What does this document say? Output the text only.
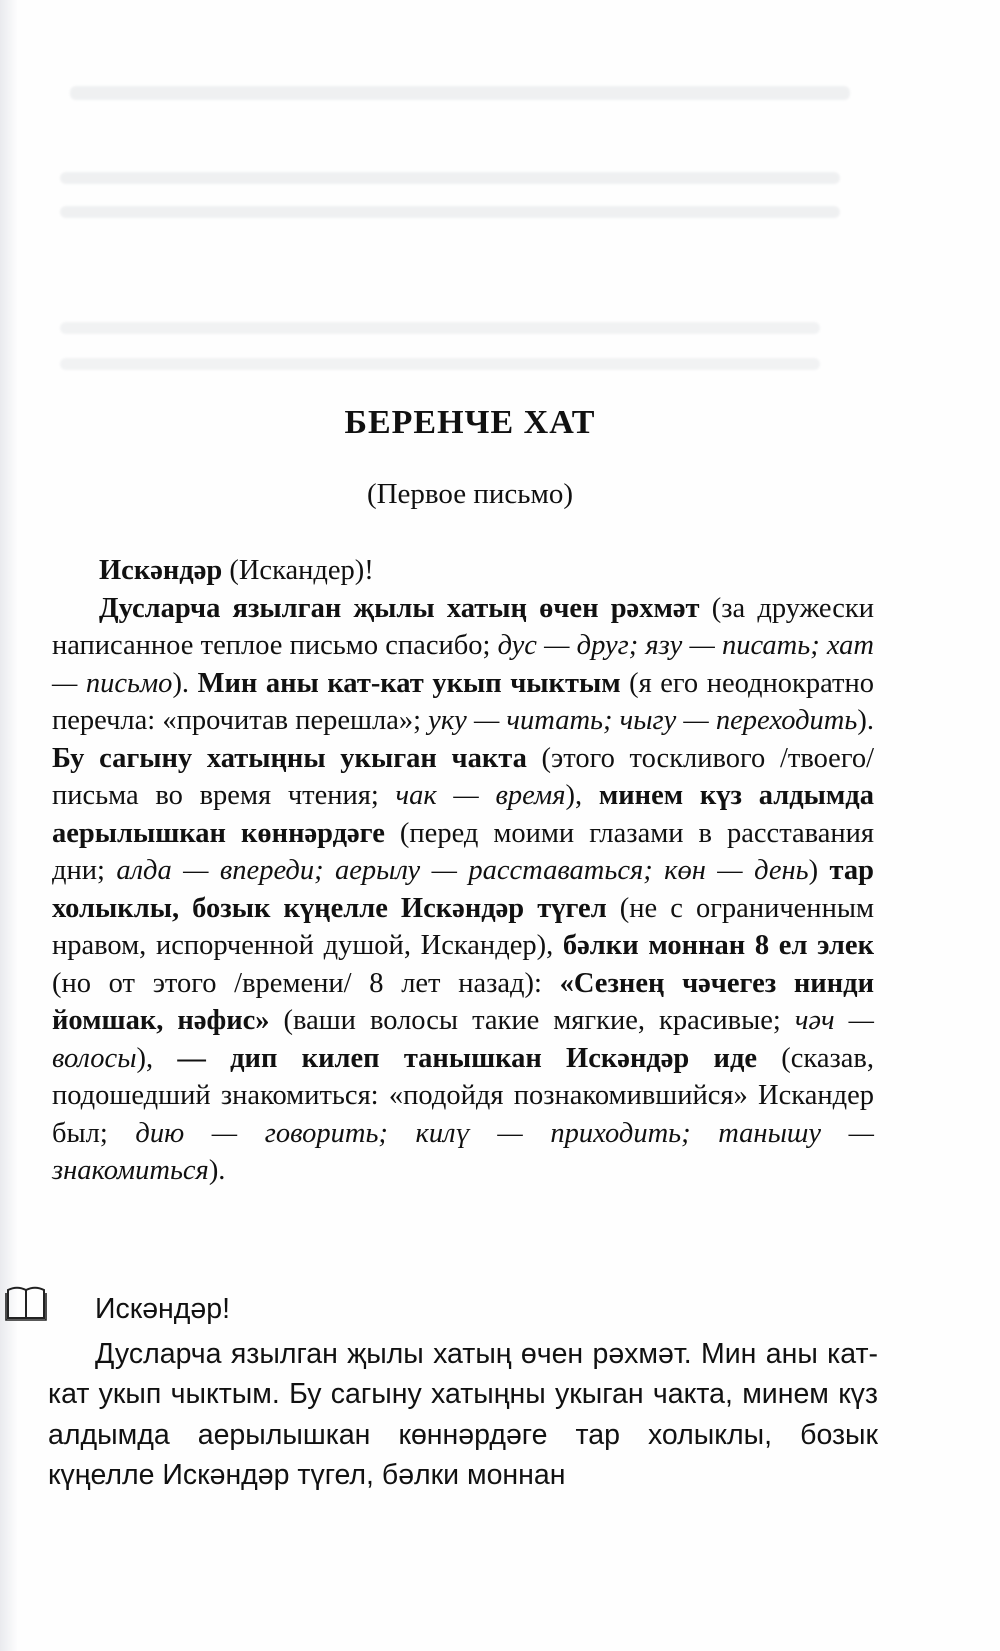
БЕРЕНЧЕ ХАТ
(Первое письмо)

Искәндәр (Искандер)!

Дусларча язылган җылы хатың өчен рәхмәт (за дружески написанное теплое письмо спасибо; дус — друг; язу — писать; хат — письмо). Мин аны кат-кат укып чыктым (я его неоднократно перечла: «прочитав перешла»; уку — читать; чыгу — переходить). Бу сагыну хатыңны укыган чакта (этого тоскливого /твоего/ письма во время чтения; чак — время), минем күз алдымда аерылышкан көннәрдәге (перед моими глазами в расставания дни; алда — впереди; аерылу — расставаться; көн — день) тар холыклы, бозык күңелле Искәндәр түгел (не с ограниченным нравом, испорченной душой, Искандер), бәлки моннан 8 ел элек (но от этого /времени/ 8 лет назад): «Сезнең чәчегез нинди йомшак, нәфис» (ваши волосы такие мягкие, красивые; чәч — волосы), — дип килеп танышкан Искәндәр иде (сказав, подошедший знакомиться: «подойдя познакомившийся» Искандер был; дию — говорить; килү — приходить; танышу —знакомиться).

Искәндәр!

Дусларча язылган җылы хатың өчен рәхмәт. Мин аны кат-кат укып чыктым. Бу сагыну хатыңны укыган чакта, минем күз алдымда аерылышкан көннәрдәге тар холыклы, бозык күңелле Искәндәр түгел, бәлки моннан
